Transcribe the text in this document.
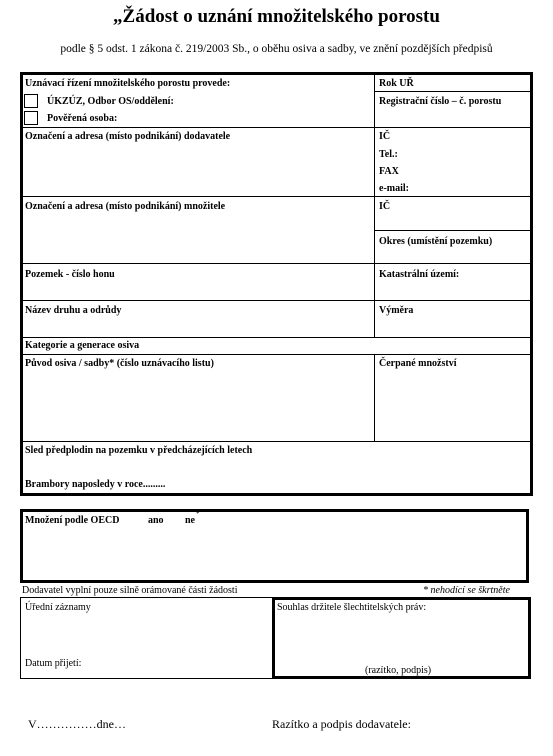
„Žádost o uznání množitelského porostu
podle § 5 odst. 1 zákona č. 219/2003 Sb., o oběhu osiva a sadby, ve znění pozdějších předpisů
Uznávací řízení množitelského porostu provede:
ÚKZÚZ, Odbor OS/oddělení:
Pověřená osoba:
Rok UŘ
Registrační číslo – č. porostu
Označení a adresa (místo podnikání) dodavatele	IČ
Tel.:
FAX
e-mail:
Označení a adresa (místo podnikání) množitele	IČ
Okres (umístění pozemku)
Pozemek - číslo honu	Katastrální území:
Název druhu a odrůdy	Výměra
Kategorie a generace osiva
Původ osiva / sadby* (číslo uznávacího listu)	Čerpané množství
Sled předplodin na pozemku v předcházejících letech
Brambory naposledy v roce.........
Množení podle OECD	ano ne
*
Dodavatel vyplní pouze silně orámované části žádosti	* nehodící se škrtněte
Úřední záznamy
Datum přijetí:
Souhlas držitele šlechtitelských práv:
(razítko, podpis)
V……………dne…	Razítko a podpis dodavatele:
